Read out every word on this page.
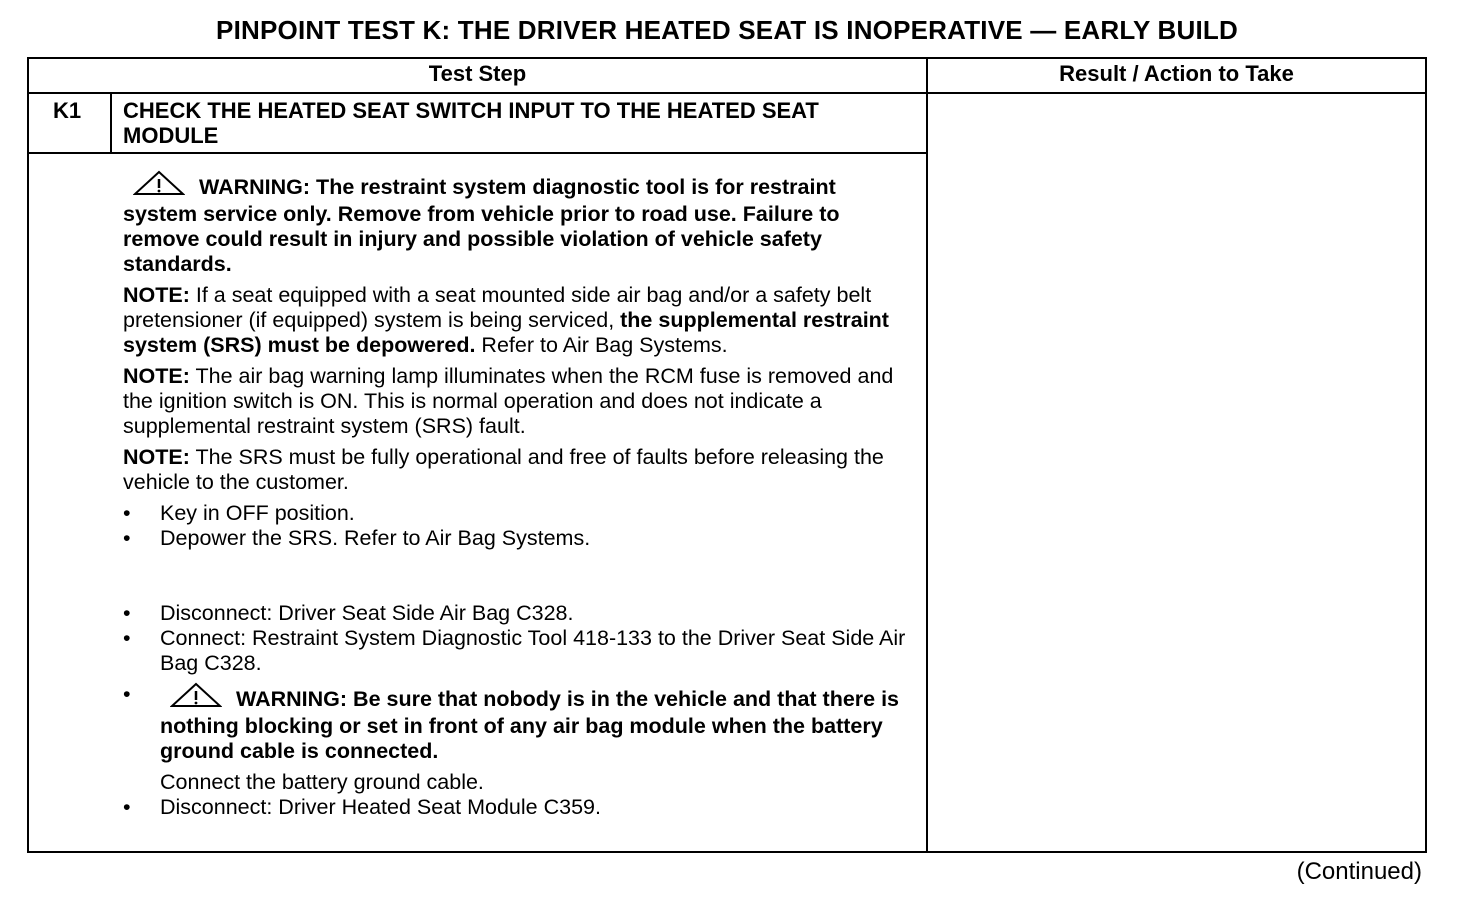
PINPOINT TEST K: THE DRIVER HEATED SEAT IS INOPERATIVE — EARLY BUILD
Test Step	Result / Action to Take
K1 CHECK THE HEATED SEAT SWITCH INPUT TO THE HEATED SEAT MODULE

WARNING: The restraint system diagnostic tool is for restraint system service only. Remove from vehicle prior to road use. Failure to remove could result in injury and possible violation of vehicle safety standards.

NOTE: If a seat equipped with a seat mounted side air bag and/or a safety belt pretensioner (if equipped) system is being serviced, the supplemental restraint system (SRS) must be depowered. Refer to Air Bag Systems.

NOTE: The air bag warning lamp illuminates when the RCM fuse is removed and the ignition switch is ON. This is normal operation and does not indicate a supplemental restraint system (SRS) fault.

NOTE: The SRS must be fully operational and free of faults before releasing the vehicle to the customer.

• Key in OFF position.
• Depower the SRS. Refer to Air Bag Systems.
• Disconnect: Driver Seat Side Air Bag C328.
• Connect: Restraint System Diagnostic Tool 418-133 to the Driver Seat Side Air Bag C328.
•	WARNING: Be sure that nobody is in the vehicle and that there is nothing blocking or set in front of any air bag module when the battery ground cable is connected.
Connect the battery ground cable.
• Disconnect: Driver Heated Seat Module C359.
(Continued)
